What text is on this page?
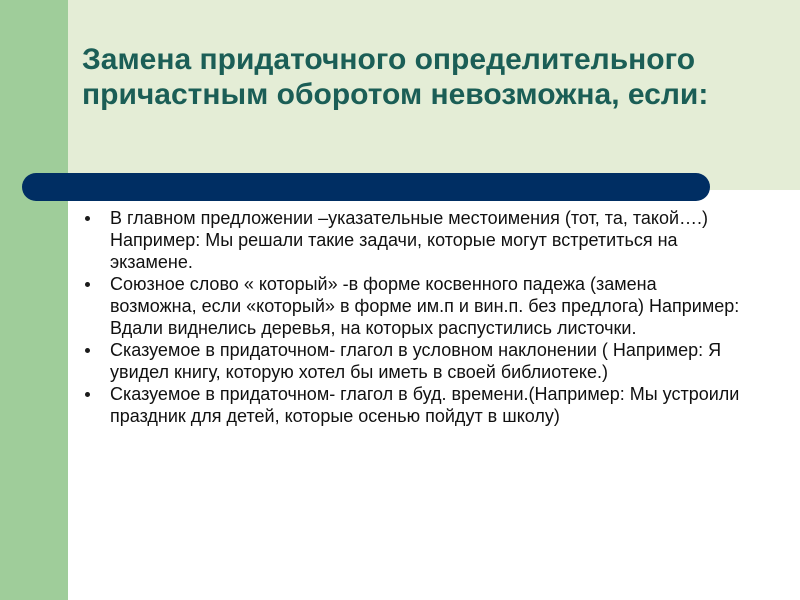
Замена придаточного определительного причастным оборотом невозможна, если:
В главном предложении –указательные местоимения (тот, та, такой….) Например: Мы решали такие задачи, которые могут встретиться на экзамене.
Союзное слово « который» -в форме косвенного падежа (замена возможна, если «который» в форме им.п и вин.п. без предлога) Например: Вдали виднелись деревья, на которых распустились листочки.
Сказуемое в придаточном- глагол в условном наклонении ( Например: Я увидел книгу, которую хотел бы иметь в своей библиотеке.)
Сказуемое в придаточном- глагол в буд. времени.(Например: Мы устроили праздник для детей, которые осенью пойдут в школу)
